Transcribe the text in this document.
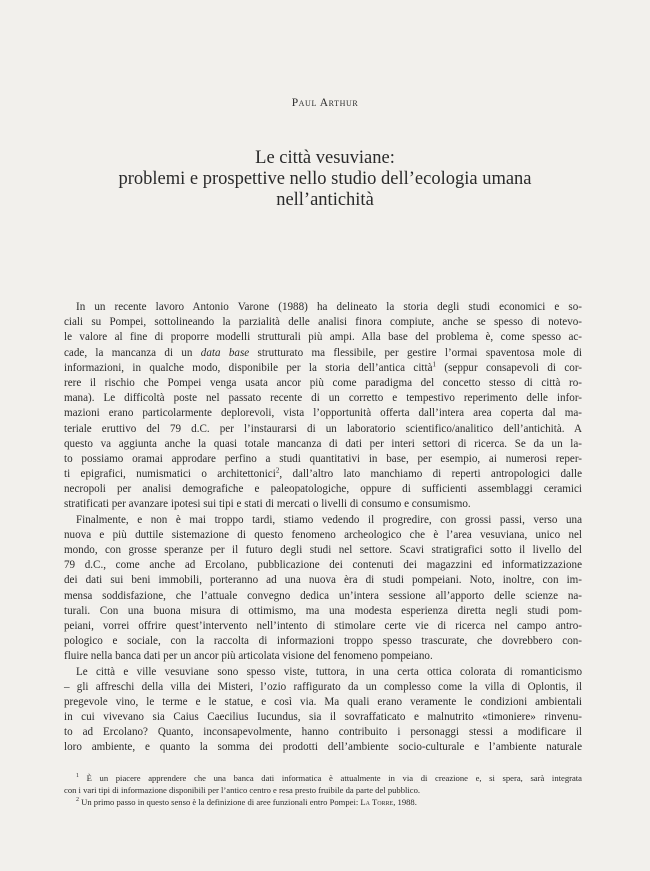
Paul Arthur
Le città vesuviane:
problemi e prospettive nello studio dell’ecologia umana
nell’antichità
In un recente lavoro Antonio Varone (1988) ha delineato la storia degli studi economici e so-
ciali su Pompei, sottolineando la parzialità delle analisi finora compiute, anche se spesso di notevo-
le valore al fine di proporre modelli strutturali più ampi. Alla base del problema è, come spesso ac-
cade, la mancanza di un data base strutturato ma flessibile, per gestire l’ormai spaventosa mole di
informazioni, in qualche modo, disponibile per la storia dell’antica città$^1$ (seppur consapevoli di cor-
rere il rischio che Pompei venga usata ancor più come paradigma del concetto stesso di città ro-
mana). Le difficoltà poste nel passato recente di un corretto e tempestivo reperimento delle infor-
mazioni erano particolarmente deplorevoli, vista l’opportunità offerta dall’intera area coperta dal ma-
teriale eruttivo del 79 d.C. per l’instaurarsi di un laboratorio scientifico/analitico dell’antichità. A
questo va aggiunta anche la quasi totale mancanza di dati per interi settori di ricerca. Se da un la-
to possiamo oramai approdare perfino a studi quantitativi in base, per esempio, ai numerosi reper-
ti epigrafici, numismatici o architettonici$^2$, dall’altro lato manchiamo di reperti antropologici dalle
necropoli per analisi demografiche e paleopatologiche, oppure di sufficienti assemblaggi ceramici
stratificati per avanzare ipotesi sui tipi e stati di mercati o livelli di consumo e consumismo.
Finalmente, e non è mai troppo tardi, stiamo vedendo il progredire, con grossi passi, verso una
nuova e più duttile sistemazione di questo fenomeno archeologico che è l’area vesuviana, unico nel
mondo, con grosse speranze per il futuro degli studi nel settore. Scavi stratigrafici sotto il livello del
79 d.C., come anche ad Ercolano, pubblicazione dei contenuti dei magazzini ed informatizzazione
dei dati sui beni immobili, porteranno ad una nuova èra di studi pompeiani. Noto, inoltre, con im-
mensa soddisfazione, che l’attuale convegno dedica un’intera sessione all’apporto delle scienze na-
turali. Con una buona misura di ottimismo, ma una modesta esperienza diretta negli studi pom-
peiani, vorrei offrire quest’intervento nell’intento di stimolare certe vie di ricerca nel campo antro-
pologico e sociale, con la raccolta di informazioni troppo spesso trascurate, che dovrebbero con-
fluire nella banca dati per un ancor più articolata visione del fenomeno pompeiano.
Le città e ville vesuviane sono spesso viste, tuttora, in una certa ottica colorata di romanticismo
– gli affreschi della villa dei Misteri, l’ozio raffigurato da un complesso come la villa di Oplontis, il
pregevole vino, le terme e le statue, e così via. Ma quali erano veramente le condizioni ambientali
in cui vivevano sia Caius Caecilius Iucundus, sia il sovraffaticato e malnutrito «timoniere» rinvenu-
to ad Ercolano? Quanto, inconsapevolmente, hanno contribuito i personaggi stessi a modificare il
loro ambiente, e quanto la somma dei prodotti dell’ambiente socio-culturale e l’ambiente naturale
$^1$ È un piacere apprendere che una banca dati informatica è attualmente in via di creazione e, si spera, sarà integrata
con i vari tipi di informazione disponibili per l’antico centro e resa presto fruibile da parte del pubblico.
$^2$ Un primo passo in questo senso è la definizione di aree funzionali entro Pompei: La Torre, 1988.
